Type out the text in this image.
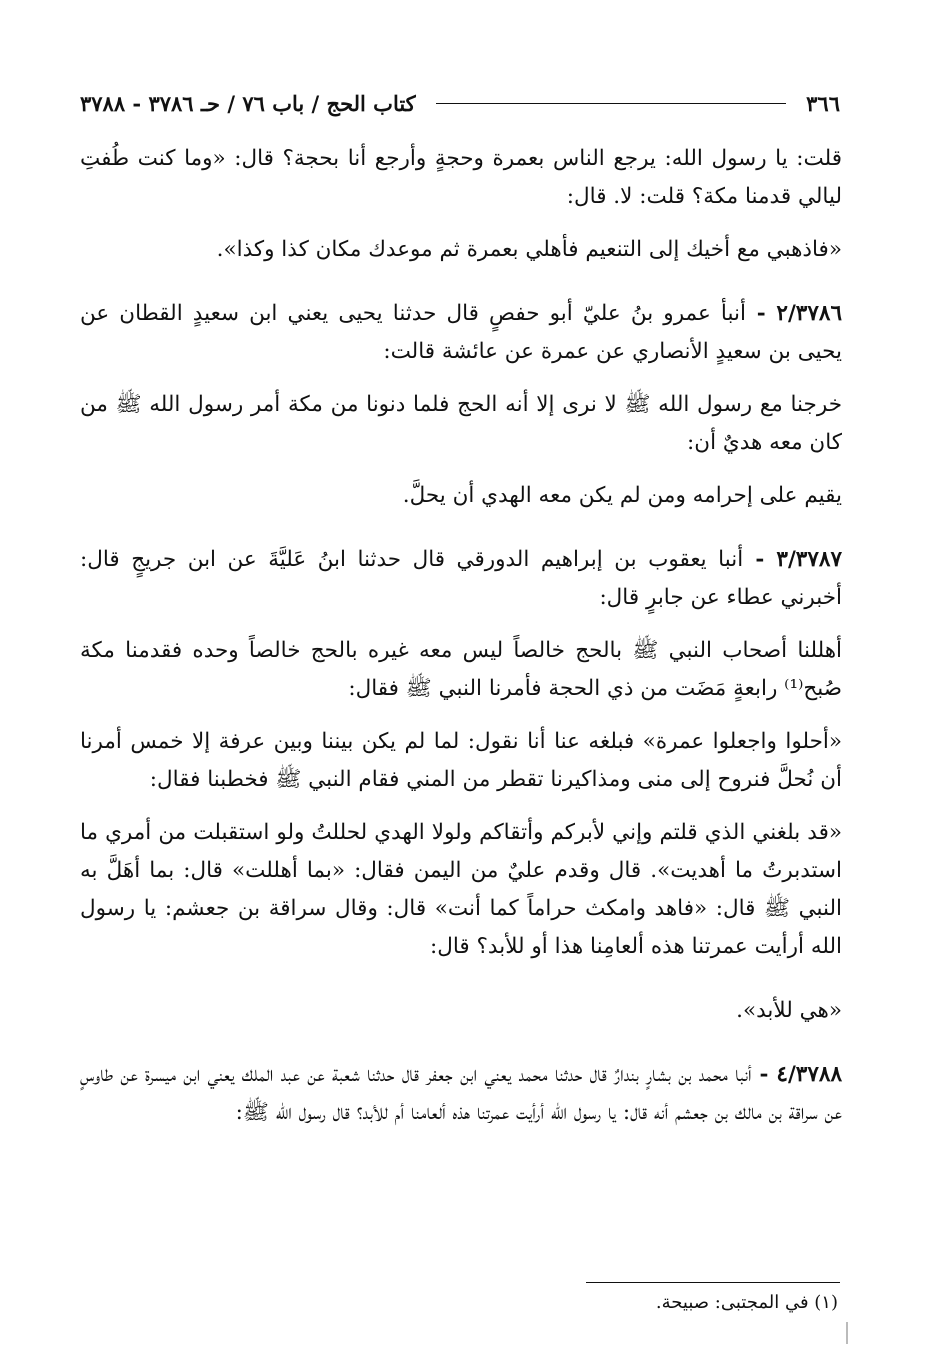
٣٦٦
كتاب الحج / باب ٧٦ / حـ ٣٧٨٦ - ٣٧٨٨

قلت: يا رسول الله: يرجع الناس بعمرة وحجةٍ وأرجع أنا بحجة؟ قال: «وما كنت طُفتِ ليالي قدمنا مكة؟ قلت: لا. قال:

«فاذهبي مع أخيك إلى التنعيم فأهلي بعمرة ثم موعدك مكان كذا وكذا».

٢/٣٧٨٦ - أنبأ عمرو بنُ عليّ أبو حفصٍ قال حدثنا يحيى يعني ابن سعيدٍ القطان عن يحيى بن سعيدٍ الأنصاري عن عمرة عن عائشة قالت:

خرجنا مع رسول الله ﷺ لا نرى إلا أنه الحج فلما دنونا من مكة أمر رسول الله ﷺ من كان معه هديٌ أن:

يقيم على إحرامه ومن لم يكن معه الهدي أن يحلَّ.

٣/٣٧٨٧ - أنبا يعقوب بن إبراهيم الدورقي قال حدثنا ابنُ عَليَّةَ عن ابن جريجٍ قال: أخبرني عطاء عن جابرٍ قال:

أهللنا أصحاب النبي ﷺ بالحج خالصاً ليس معه غيره بالحج خالصاً وحده فقدمنا مكة صُبح⁽¹⁾ رابعةٍ مَضَت من ذي الحجة فأمرنا النبي ﷺ فقال:

«أحلوا واجعلوا عمرة» فبلغه عنا أنا نقول: لما لم يكن بيننا وبين عرفة إلا خمس أمرنا أن نُحلَّ فنروح إلى منى ومذاكيرنا تقطر من المني فقام النبي ﷺ فخطبنا فقال:

«قد بلغني الذي قلتم وإني لأبركم وأتقاكم ولولا الهدي لحللتُ ولو استقبلت من أمري ما استدبرتُ ما أهديت». قال وقدم عليٌ من اليمن فقال: «بما أهللت» قال: بما أهَلَّ به النبي ﷺ قال: «فاهد وامكث حراماً كما أنت» قال: وقال سراقة بن جعشم: يا رسول الله أرأيت عمرتنا هذه ألعامِنا هذا أو للأبد؟ قال:

«هي للأبد».

٤/٣٧٨٨ - أنبا محمد بن بشارٍ بندارٌ قال حدثنا محمد يعني ابن جعفر قال حدثنا شعبة عن عبد الملك يعني ابن ميسرة عن طاوسٍ عن سراقة بن مالك بن جعشم أنه قال: يا رسول الله أرأيت عمرتنا هذه ألعامنا أم للأبد؟ قال رسول الله ﷺ:

(١) في المجتبى: صبيحة.
